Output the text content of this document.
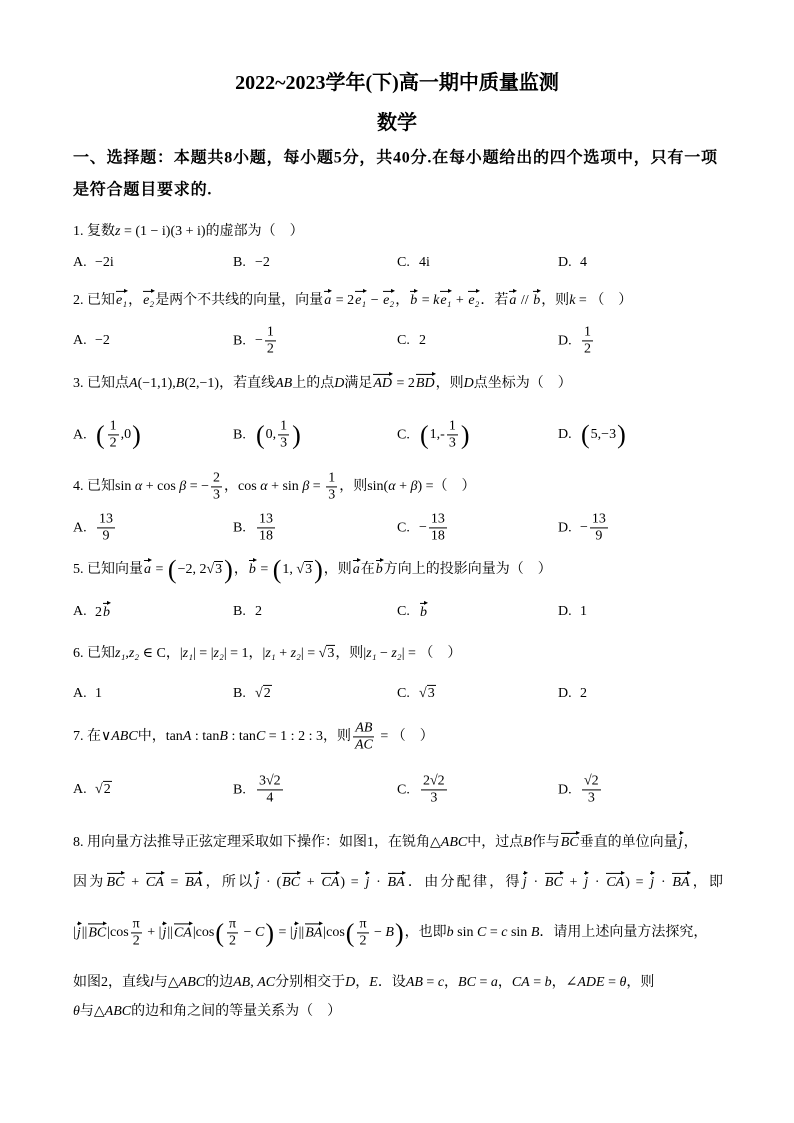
2022~2023学年(下)高一期中质量监测
数学
一、选择题：本题共8小题，每小题5分，共40分.在每小题给出的四个选项中，只有一项
是符合题目要求的.
1. 复数z = (1 − i)(3 + i)的虚部为（　）
A. −2i	B. −2	C. 4i	D. 4
2. 已知e₁，e₂是两个不共线的向量，向量a = 2e₁ − e₂，b = ke₁ + e₂．若a // b，则k = （　）
A. −2	B. − $\frac{1}{2}$	C. 2	D. $\frac{1}{2}$
3. 已知点A(−1,1),B(2,−1)，若直线AB上的点D满足AD = 2BD，则D点坐标为（　）
A. ( $\frac{1}{2} ,0$)	B. (0, $\frac{1}{3}$ )	C. ($1,- \frac{1}{3}$ )	D. (5,−3)
4. 已知sin α + cos β = − $\frac{2}{3}$ ，$\cos \alpha + \sin \beta = \frac{1}{3}$ ，则sin(α + β) =（　）
A. $\frac{13}{9}$	B. $\frac{13}{18}$	C. − $\frac{13}{18}$	D. − $\frac{13}{9}$
5. 已知向量a = (−2, 2 √ 3)，b = (1, √ 3)，则a在b方向上的投影向量为（　）
A. 2b	B. 2	C. b	D. 1
6. 已知z₁,z₂ ∈ C，|z₁| = |z₂| = 1，|z₁ + z₂| = √ 3，则|z₁ − z₂| = （　）
A. 1	B.	√ 2	C.	√ 3	D. 2
7. 在∨ABC中，tanA : tanB : tanC = 1 : 2 : 3，则 $\frac{AB}{AC}$ = （　）
A.	√ 2	B. $\frac{3√2}{4}$	C. $\frac{2√2}{3}$	D. $\frac{√2}{3}$
8. 用向量方法推导正弦定理采取如下操作：如图1，在锐角△ABC中，过点B作与BC垂直的单位向量j，
因为BC + CA = BA，所以j · (BC + CA) = j · BA．由分配律，得j · BC + j · CA) = j · BA，即
$|j||BC|\cos \frac{\pi}{2} + |j||CA|\cos( \frac{\pi}{2} - C) = |j||BA|\cos( \frac{\pi}{2} - B)$，也即b sin C = c sin B．请用上述向量方法探究，
如图2，直线l与△ABC的边AB, AC分别相交于D，E．设AB = c，BC = a，CA = b，∠ADE = θ，则
θ与△ABC的边和角之间的等量关系为（　）
